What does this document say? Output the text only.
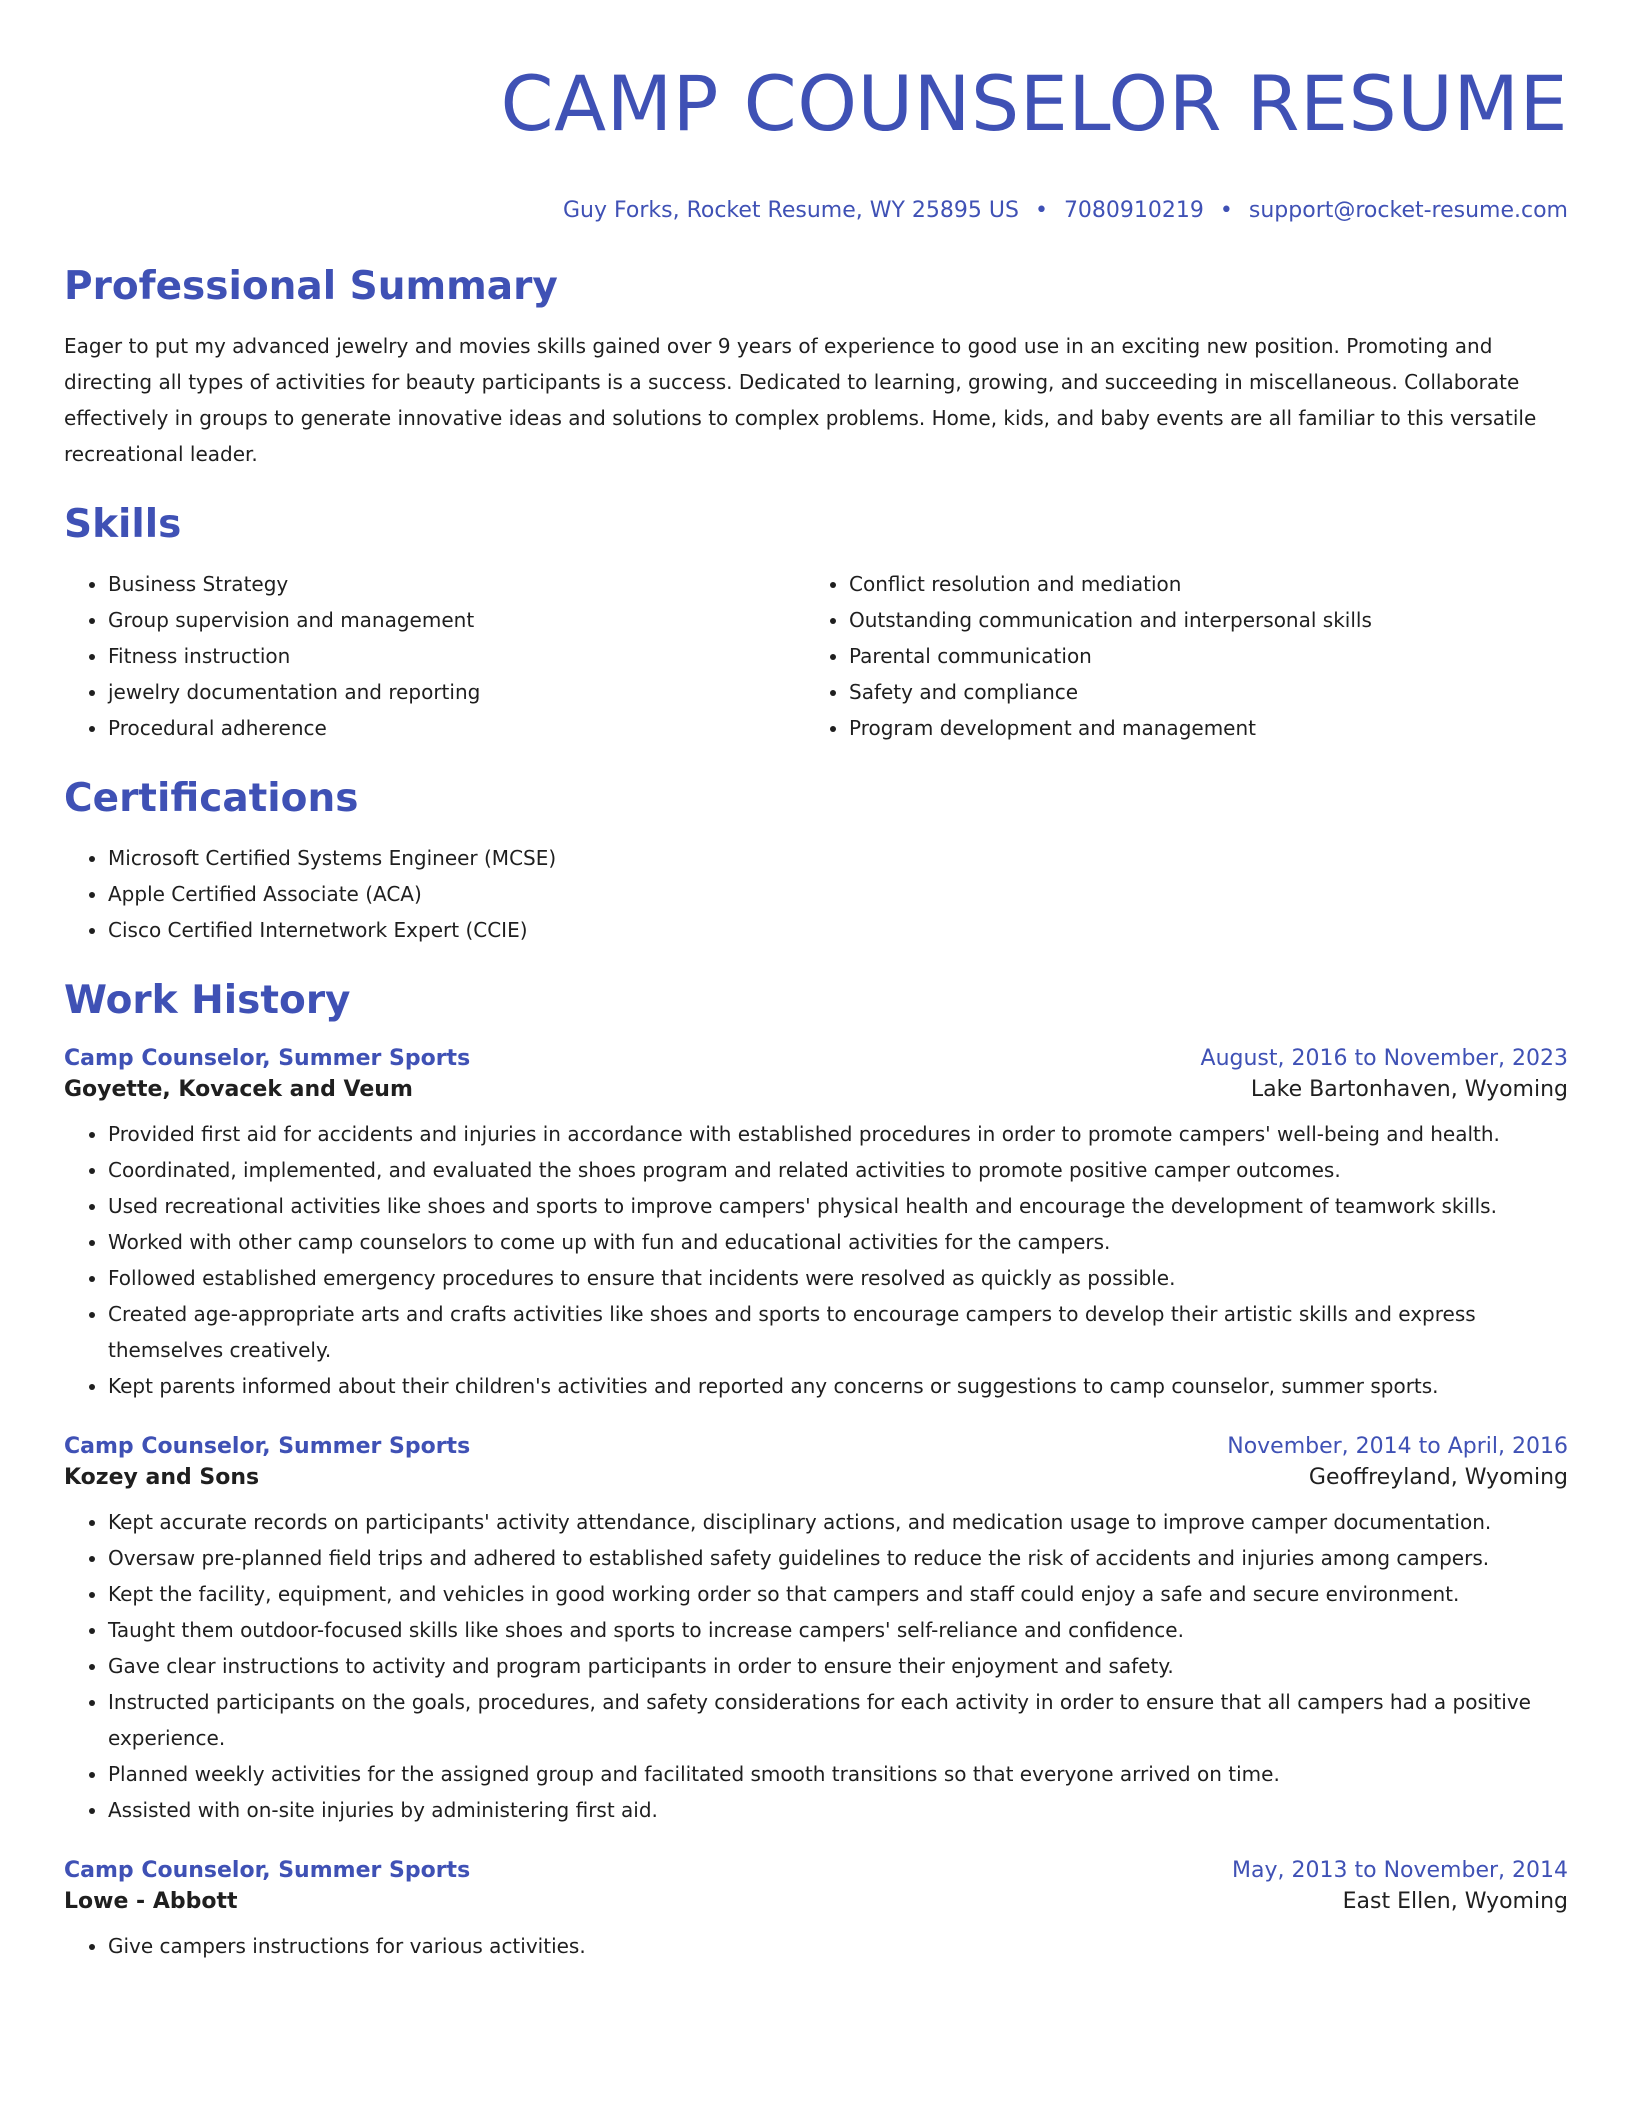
CAMP COUNSELOR RESUME
Guy Forks, Rocket Resume, WY 25895 US • 7080910219 • support@rocket-resume.com
Professional Summary

Eager to put my advanced jewelry and movies skills gained over 9 years of experience to good use in an exciting new position. Promoting and directing all types of activities for beauty participants is a success. Dedicated to learning, growing, and succeeding in miscellaneous. Collaborate effectively in groups to generate innovative ideas and solutions to complex problems. Home, kids, and baby events are all familiar to this versatile recreational leader.

Skills
• Business Strategy
• Group supervision and management
• Fitness instruction
• jewelry documentation and reporting
• Procedural adherence
• Conflict resolution and mediation
• Outstanding communication and interpersonal skills
• Parental communication
• Safety and compliance
• Program development and management
Certifications
• Microsoft Certified Systems Engineer (MCSE)
• Apple Certified Associate (ACA)
• Cisco Certified Internetwork Expert (CCIE)
Work History
Camp Counselor, Summer Sports	August, 2016 to November, 2023
Goyette, Kovacek and Veum	Lake Bartonhaven, Wyoming
• Provided first aid for accidents and injuries in accordance with established procedures in order to promote campers' well-being and health.
• Coordinated, implemented, and evaluated the shoes program and related activities to promote positive camper outcomes.
• Used recreational activities like shoes and sports to improve campers' physical health and encourage the development of teamwork skills.
• Worked with other camp counselors to come up with fun and educational activities for the campers.
• Followed established emergency procedures to ensure that incidents were resolved as quickly as possible.
• Created age-appropriate arts and crafts activities like shoes and sports to encourage campers to develop their artistic skills and express themselves creatively.
• Kept parents informed about their children's activities and reported any concerns or suggestions to camp counselor, summer sports.
Camp Counselor, Summer Sports	November, 2014 to April, 2016
Kozey and Sons	Geoffreyland, Wyoming
• Kept accurate records on participants' activity attendance, disciplinary actions, and medication usage to improve camper documentation.
• Oversaw pre-planned field trips and adhered to established safety guidelines to reduce the risk of accidents and injuries among campers.
• Kept the facility, equipment, and vehicles in good working order so that campers and staff could enjoy a safe and secure environment.
• Taught them outdoor-focused skills like shoes and sports to increase campers' self-reliance and confidence.
• Gave clear instructions to activity and program participants in order to ensure their enjoyment and safety.
• Instructed participants on the goals, procedures, and safety considerations for each activity in order to ensure that all campers had a positive experience.
• Planned weekly activities for the assigned group and facilitated smooth transitions so that everyone arrived on time.
• Assisted with on-site injuries by administering first aid.
Camp Counselor, Summer Sports	May, 2013 to November, 2014
Lowe - Abbott	East Ellen, Wyoming
• Give campers instructions for various activities.
